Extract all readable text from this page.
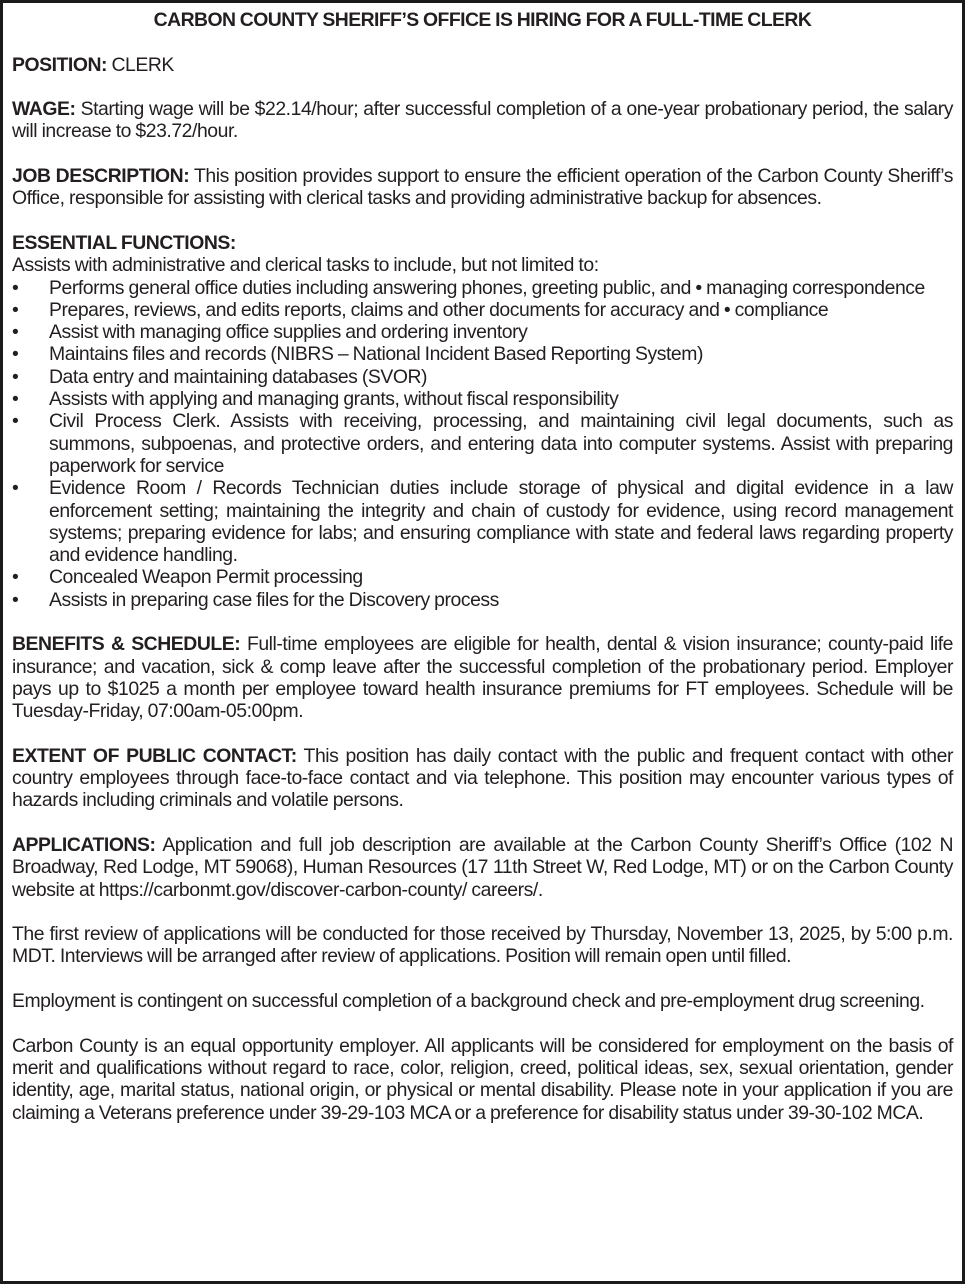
CARBON COUNTY SHERIFF’S OFFICE IS HIRING FOR A FULL-TIME CLERK

POSITION: CLERK

WAGE: Starting wage will be $22.14/hour; after successful completion of a one-year probationary period, the salary will increase to $23.72/hour.

JOB DESCRIPTION: This position provides support to ensure the efficient operation of the Carbon County Sheriff’s Office, responsible for assisting with clerical tasks and providing administrative backup for absences.

ESSENTIAL FUNCTIONS:

Assists with administrative and clerical tasks to include, but not limited to:

• Performs general office duties including answering phones, greeting public, and • managing correspondence
• Prepares, reviews, and edits reports, claims and other documents for accuracy and • compliance
• Assist with managing office supplies and ordering inventory
• Maintains files and records (NIBRS – National Incident Based Reporting System)
• Data entry and maintaining databases (SVOR)
• Assists with applying and managing grants, without fiscal responsibility
• Civil Process Clerk. Assists with receiving, processing, and maintaining civil legal documents, such as summons, subpoenas, and protective orders, and entering data into computer systems. Assist with preparing paperwork for service
• Evidence Room / Records Technician duties include storage of physical and digital evidence in a law enforcement setting; maintaining the integrity and chain of custody for evidence, using record management systems; preparing evidence for labs; and ensuring compliance with state and federal laws regarding property and evidence handling.
• Concealed Weapon Permit processing
• Assists in preparing case files for the Discovery process

BENEFITS & SCHEDULE: Full-time employees are eligible for health, dental & vision insurance; county-paid life insurance; and vacation, sick & comp leave after the successful completion of the probationary period. Employer pays up to $1025 a month per employee toward health insurance premiums for FT employees. Schedule will be Tuesday-Friday, 07:00am-05:00pm.

EXTENT OF PUBLIC CONTACT: This position has daily contact with the public and frequent contact with other country employees through face-to-face contact and via telephone. This position may encounter various types of hazards including criminals and volatile persons.

APPLICATIONS: Application and full job description are available at the Carbon County Sheriff’s Office (102 N Broadway, Red Lodge, MT 59068), Human Resources (17 11th Street W, Red Lodge, MT) or on the Carbon County website at https://carbonmt.gov/discover-carbon-county/ careers/.

The first review of applications will be conducted for those received by Thursday, November 13, 2025, by 5:00 p.m. MDT. Interviews will be arranged after review of applications. Position will remain open until filled.

Employment is contingent on successful completion of a background check and pre-employment drug screening.

Carbon County is an equal opportunity employer. All applicants will be considered for employment on the basis of merit and qualifications without regard to race, color, religion, creed, political ideas, sex, sexual orientation, gender identity, age, marital status, national origin, or physical or mental disability. Please note in your application if you are claiming a Veterans preference under 39-29-103 MCA or a preference for disability status under 39-30-102 MCA.
